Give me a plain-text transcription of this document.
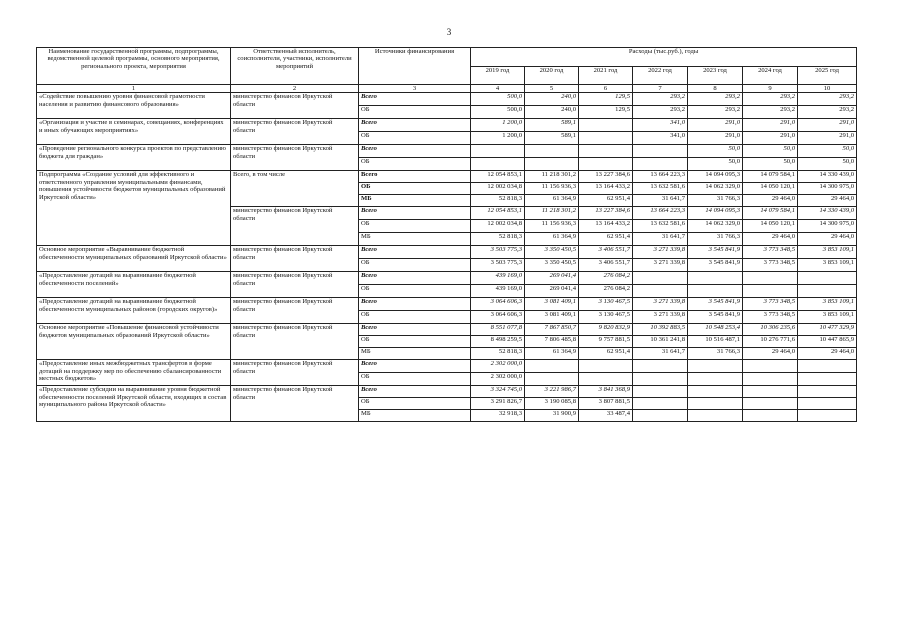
3
Наименование государственной программы, подпрограммы, ведомственной целевой программы, основного мероприятия, регионального проекта, мероприятия	Ответственный исполнитель, соисполнители, участники, исполнители мероприятий	Источники финансирования	Расходы (тыс.руб.), годы						
			2019 год	2020 год	2021 год	2022 год	2023 год	2024 год	2025 год
1	2	3	4	5	6	7	8	9	10
«Содействие повышению уровня финансовой грамотности населения и развитию финансового образования»	министерство финансов Иркутской области	Всего	500,0	240,0	129,5	293,2	293,2	293,2	293,2
		ОБ	500,0	240,0	129,5	293,2	293,2	293,2	293,2
«Организация и участие в семинарах, совещаниях, конференциях и иных обучающих мероприятиях»	министерство финансов Иркутской области	Всего	1 200,0	589,1		341,0	291,0	291,0	291,0
		ОБ	1 200,0	589,1		341,0	291,0	291,0	291,0
«Проведение регионального конкурса проектов по представлению бюджета для граждан»	министерство финансов Иркутской области	Всего					50,0	50,0	50,0
		ОБ					50,0	50,0	50,0
Подпрограмма «Создание условий для эффективного и ответственного управления муниципальными финансами, повышения устойчивости бюджетов муниципальных образований Иркутской области»	Всего, в том числе	Всего	12 054 853,1	11 218 301,2	13 227 384,6	13 664 223,3	14 094 095,3	14 079 584,1	14 330 439,0
		ОБ	12 002 034,8	11 156 936,3	13 164 433,2	13 632 581,6	14 062 329,0	14 050 120,1	14 300 975,0
		МБ	52 818,3	61 364,9	62 951,4	31 641,7	31 766,3	29 464,0	29 464,0
	министерство финансов Иркутской области	Всего	12 054 853,1	11 218 301,2	13 227 384,6	13 664 223,3	14 094 095,3	14 079 584,1	14 330 439,0
		ОБ	12 002 034,8	11 156 936,3	13 164 433,2	13 632 581,6	14 062 329,0	14 050 120,1	14 300 975,0
		МБ	52 818,3	61 364,9	62 951,4	31 641,7	31 766,3	29 464,0	29 464,0
Основное мероприятие «Выравнивание бюджетной обеспеченности муниципальных образований Иркутской области»	министерство финансов Иркутской области	Всего	3 503 775,3	3 350 450,5	3 406 551,7	3 271 339,8	3 545 841,9	3 773 348,5	3 853 109,1
		ОБ	3 503 775,3	3 350 450,5	3 406 551,7	3 271 339,8	3 545 841,9	3 773 348,5	3 853 109,1
«Предоставление дотаций на выравнивание бюджетной обеспеченности поселений»	министерство финансов Иркутской области	Всего	439 169,0	269 041,4	276 084,2				
		ОБ	439 169,0	269 041,4	276 084,2				
«Предоставление дотаций на выравнивание бюджетной обеспеченности муниципальных районов (городских округов)»	министерство финансов Иркутской области	Всего	3 064 606,3	3 081 409,1	3 130 467,5	3 271 339,8	3 545 841,9	3 773 348,5	3 853 109,1
		ОБ	3 064 606,3	3 081 409,1	3 130 467,5	3 271 339,8	3 545 841,9	3 773 348,5	3 853 109,1
Основное мероприятие «Повышение финансовой устойчивости бюджетов муниципальных образований Иркутской области»	министерство финансов Иркутской области	Всего	8 551 077,8	7 867 850,7	9 820 832,9	10 392 883,5	10 548 253,4	10 306 235,6	10 477 329,9
		ОБ	8 498 259,5	7 806 485,8	9 757 881,5	10 361 241,8	10 516 487,1	10 276 771,6	10 447 865,9
		МБ	52 818,3	61 364,9	62 951,4	31 641,7	31 766,3	29 464,0	29 464,0
«Предоставление иных межбюджетных трансфертов в форме дотаций на поддержку мер по обеспечению сбалансированности местных бюджетов»	министерство финансов Иркутской области	Всего	2 302 000,0						
		ОБ	2 302 000,0						
«Предоставление субсидии на выравнивание уровня бюджетной обеспеченности поселений Иркутской области, входящих в состав муниципального района Иркутской области»	министерство финансов Иркутской области	Всего	3 324 745,0	3 221 986,7	3 841 368,9				
		ОБ	3 291 826,7	3 190 085,8	3 807 881,5				
		МБ	32 918,3	31 900,9	33 487,4				
